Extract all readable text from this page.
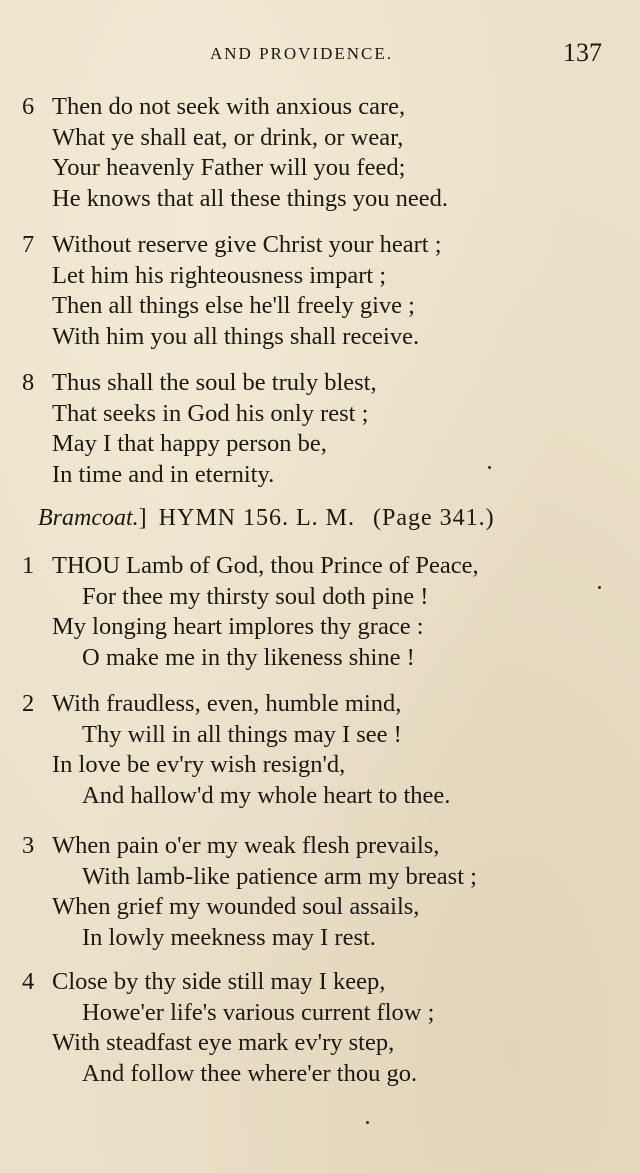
AND PROVIDENCE.	137
6 Then do not seek with anxious care,
What ye shall eat, or drink, or wear,
Your heavenly Father will you feed;
He knows that all these things you need.
7 Without reserve give Christ your heart ;
Let him his righteousness impart ;
Then all things else he'll freely give ;
With him you all things shall receive.
8 Thus shall the soul be truly blest,
That seeks in God his only rest ;
May I that happy person be,
In time and in eternity.
Bramcoat.] HYMN 156. L. M. (Page 341.)
1 THOU Lamb of God, thou Prince of Peace,
For thee my thirsty soul doth pine !
My longing heart implores thy grace :
O make me in thy likeness shine !
2 With fraudless, even, humble mind,
Thy will in all things may I see !
In love be ev'ry wish resign'd,
And hallow'd my whole heart to thee.
3 When pain o'er my weak flesh prevails,
With lamb-like patience arm my breast ;
When grief my wounded soul assails,
In lowly meekness may I rest.
4 Close by thy side still may I keep,
Howe'er life's various current flow ;
With steadfast eye mark ev'ry step,
And follow thee where'er thou go.
